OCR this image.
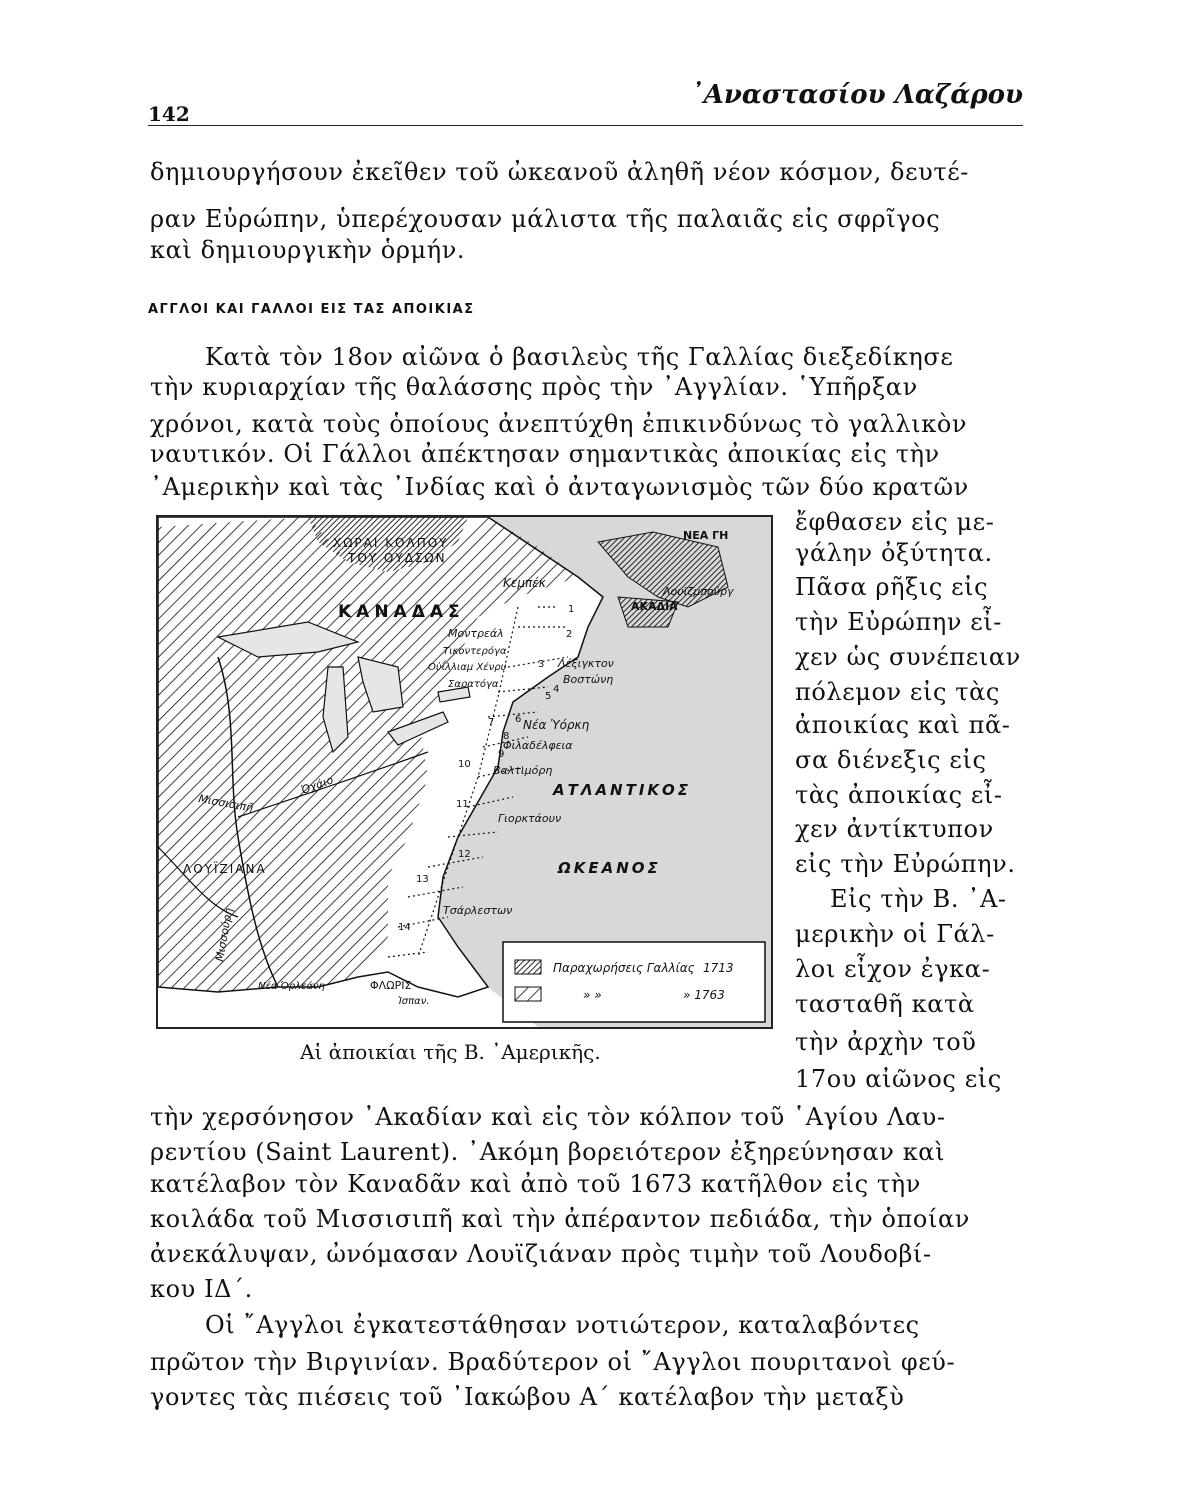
142
᾿Αναστασίου Λαζάρου
δημιουργήσουν ἐκεῖθεν τοῦ ὠκεανοῦ ἀληθῆ νέον κόσμον, δευτέ-
ραν Εὐρώπην, ὑπερέχουσαν μάλιστα τῆς παλαιᾶς εἰς σφρῖγος
καὶ δημιουργικὴν ὁρμήν.
ΑΓΓΛΟΙ ΚΑΙ ΓΑΛΛΟΙ ΕΙΣ ΤΑΣ ΑΠΟΙΚΙΑΣ
Κατὰ τὸν 18ον αἰῶνα ὁ βασιλεὺς τῆς Γαλλίας διεξεδίκησε
τὴν κυριαρχίαν τῆς θαλάσσης πρὸς τὴν ᾿Αγγλίαν. ῾Υπῆρξαν
χρόνοι, κατὰ τοὺς ὁποίους ἀνεπτύχθη ἐπικινδύνως τὸ γαλλικὸν
ναυτικόν. Οἱ Γάλλοι ἀπέκτησαν σημαντικὰς ἀποικίας εἰς τὴν
᾿Αμερικὴν καὶ τὰς ᾿Ινδίας καὶ ὁ ἀνταγωνισμὸς τῶν δύο κρατῶν
ἔφθασεν εἰς με-
γάλην ὀξύτητα.
Πᾶσα ρῆξις εἰς
τὴν Εὐρώπην εἶ-
χεν ὡς συνέπειαν
πόλεμον εἰς τὰς
ἀποικίας καὶ πᾶ-
σα διένεξις εἰς
τὰς ἀποικίας εἶ-
χεν ἀντίκτυπον
εἰς τὴν Εὐρώπην.
Εἰς τὴν Β. ᾿Α-
μερικὴν οἱ Γάλ-
λοι εἶχον ἐγκα-
τασταθῆ κατὰ
τὴν ἀρχὴν τοῦ
17ου αἰῶνος εἰς
ΧΩΡΑΙ ΚΟΛΠΟΥ
ΤΟΥ ΟΥΔΣΩΝ
ΚΑΝΑΔΑΣ
ΝΕΑ ΓΗ
Κεμπέκ
Λουϊζμπούργ
ΑΚΑΔΙΑ
Μοντρεάλ
Τικοντερόγα
Οὐΐλλιαμ Χένρυ
Σαρατόγα
Λέξιγκτον
Βοστώνη
Νέα Ὑόρκη
Φιλαδέλφεια
Βαλτιμόρη
Γιορκτάουν
Τσάρλεστων
ΑΤΛΑΝΤΙΚΟΣ
ΩΚΕΑΝΟΣ
ΛΟΥΪΖΙΑΝΑ
Μισσισιπῆ
Ὀχάιο
Μισσούρη
Νέα Ὀρλεάνη	ΦΛΩΡΙΣ
Ἰσπαν.
1
2
3
4
5
6
7
8
9
10
11
12
13
14
Παραχωρήσεις Γαλλίας 1713
» »	» 1763
Αἱ ἀποικίαι τῆς Β. ᾿Αμερικῆς.
τὴν χερσόνησον ᾿Ακαδίαν καὶ εἰς τὸν κόλπον τοῦ ῾Αγίου Λαυ-
ρεντίου (Saint Laurent). ᾿Ακόμη βορειότερον ἐξηρεύνησαν καὶ
κατέλαβον τὸν Καναδᾶν καὶ ἀπὸ τοῦ 1673 κατῆλθον εἰς τὴν
κοιλάδα τοῦ Μισσισιπῆ καὶ τὴν ἀπέραντον πεδιάδα, τὴν ὁποίαν
ἀνεκάλυψαν, ὠνόμασαν Λουϊζιάναν πρὸς τιμὴν τοῦ Λουδοβί-
κου ΙΔ΄.
Οἱ ῎Αγγλοι ἐγκατεστάθησαν νοτιώτερον, καταλαβόντες
πρῶτον τὴν Βιργινίαν. Βραδύτερον οἱ ῎Αγγλοι πουριτανοὶ φεύ-
γοντες τὰς πιέσεις τοῦ ᾿Ιακώβου Α΄ κατέλαβον τὴν μεταξὺ
